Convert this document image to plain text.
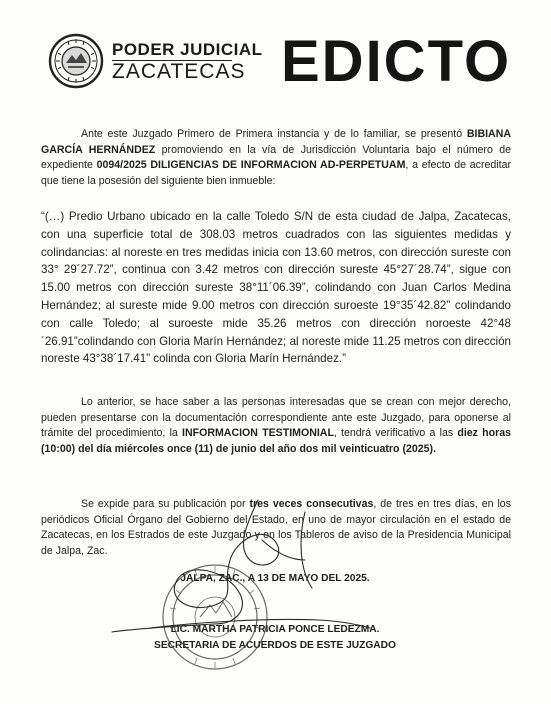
PODER JUDICIAL
ZACATECAS EDICTO
Ante este Juzgado Primero de Primera instancia y de lo familiar, se presentó BIBIANA GARCÍA HERNÁNDEZ promoviendo en la vía de Jurisdicción Voluntaria bajo el número de expediente 0094/2025 DILIGENCIAS DE INFORMACION AD-PERPETUAM, a efecto de acreditar que tiene la posesión del siguiente bien inmueble:
“(…) Predio Urbano ubicado en la calle Toledo S/N de esta ciudad de Jalpa, Zacatecas, con una superficie total de 308.03 metros cuadrados con las siguientes medidas y colindancias: al noreste en tres medidas inicia con 13.60 metros, con dirección sureste con 33° 29´27.72”, continua con 3.42 metros con dirección sureste 45°27´28.74”, sigue con 15.00 metros con dirección sureste 38°11´06.39”, colindando con Juan Carlos Medina Hernández; al sureste mide 9.00 metros con dirección suroeste 19°35´42.82” colindando con calle Toledo; al suroeste mide 35.26 metros con dirección noroeste 42°48´26.91”colindando con Gloria Marín Hernández; al noreste mide 11.25 metros con dirección noreste 43°38´17.41” colinda con Gloria Marín Hernández.”
Lo anterior, se hace saber a las personas interesadas que se crean con mejor derecho, pueden presentarse con la documentación correspondiente ante este Juzgado, para oponerse al trámite del procedimiento, la INFORMACION TESTIMONIAL, tendrá verificativo a las diez horas (10:00) del día miércoles once (11) de junio del año dos mil veinticuatro (2025).
Se expide para su publicación por tres veces consecutivas, de tres en tres días, en los periódicos Oficial Órgano del Gobierno del Estado, en uno de mayor circulación en el estado de Zacatecas, en los Estrados de este Juzgado y en los Tableros de aviso de la Presidencia Municipal de Jalpa, Zac.
JALPA, ZAC., A 13 DE MAYO DEL 2025.
LIC. MARTHA PATRICIA PONCE LEDEZMA.
SECRETARIA DE ACUERDOS DE ESTE JUZGADO
